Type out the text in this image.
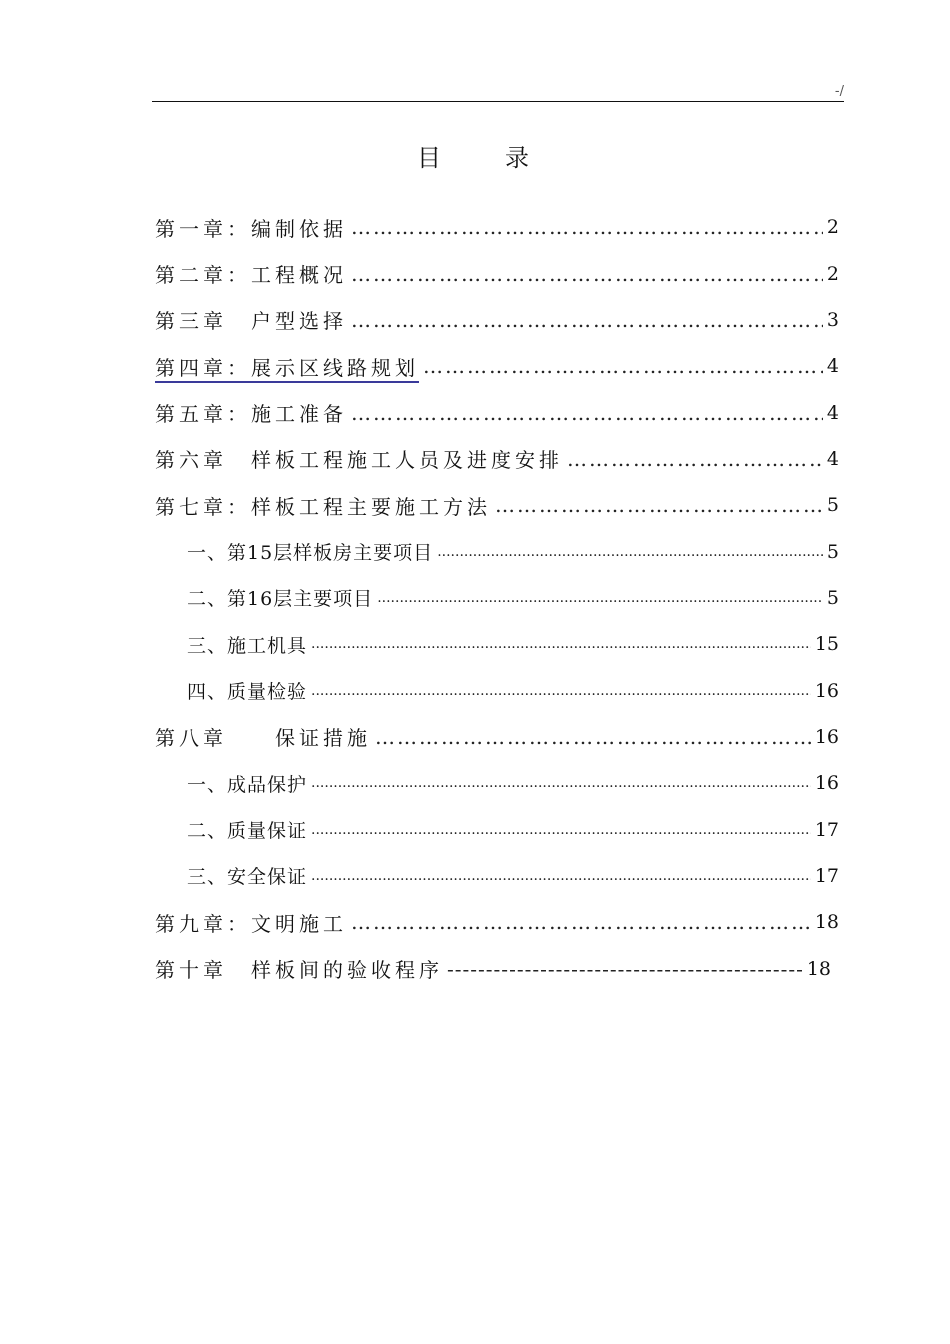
-/
目	录
第一章：编制依据 …………………………………………………………………………………………………………………………	2
第二章：工程概况 …………………………………………………………………………………………………………………………	2
第三章　户型选择 …………………………………………………………………………………………………………………………	3
第四章：展示区线路规划 …………………………………………………………………………………………………………………………	4
第五章：施工准备 …………………………………………………………………………………………………………………………	4
第六章　样板工程施工人员及进度安排 …………………………………………………………………………………………………………………………	4
第七章：样板工程主要施工方法 …………………………………………………………………………………………………………………………	5
一、第15层样板房主要项目 .....	5
二、第16层主要项目 .....	5
三、施工机具 .....	15
四、质量检验 .....	16
第八章　　保证措施 …………………………………………………………………………………………………………………………	16
一、成品保护 .....	16
二、质量保证 .....	17
三、安全保证 .....	17
第九章：文明施工 …………………………………………………………………………………………………………………………	18
第十章　样板间的验收程序 -----	18
